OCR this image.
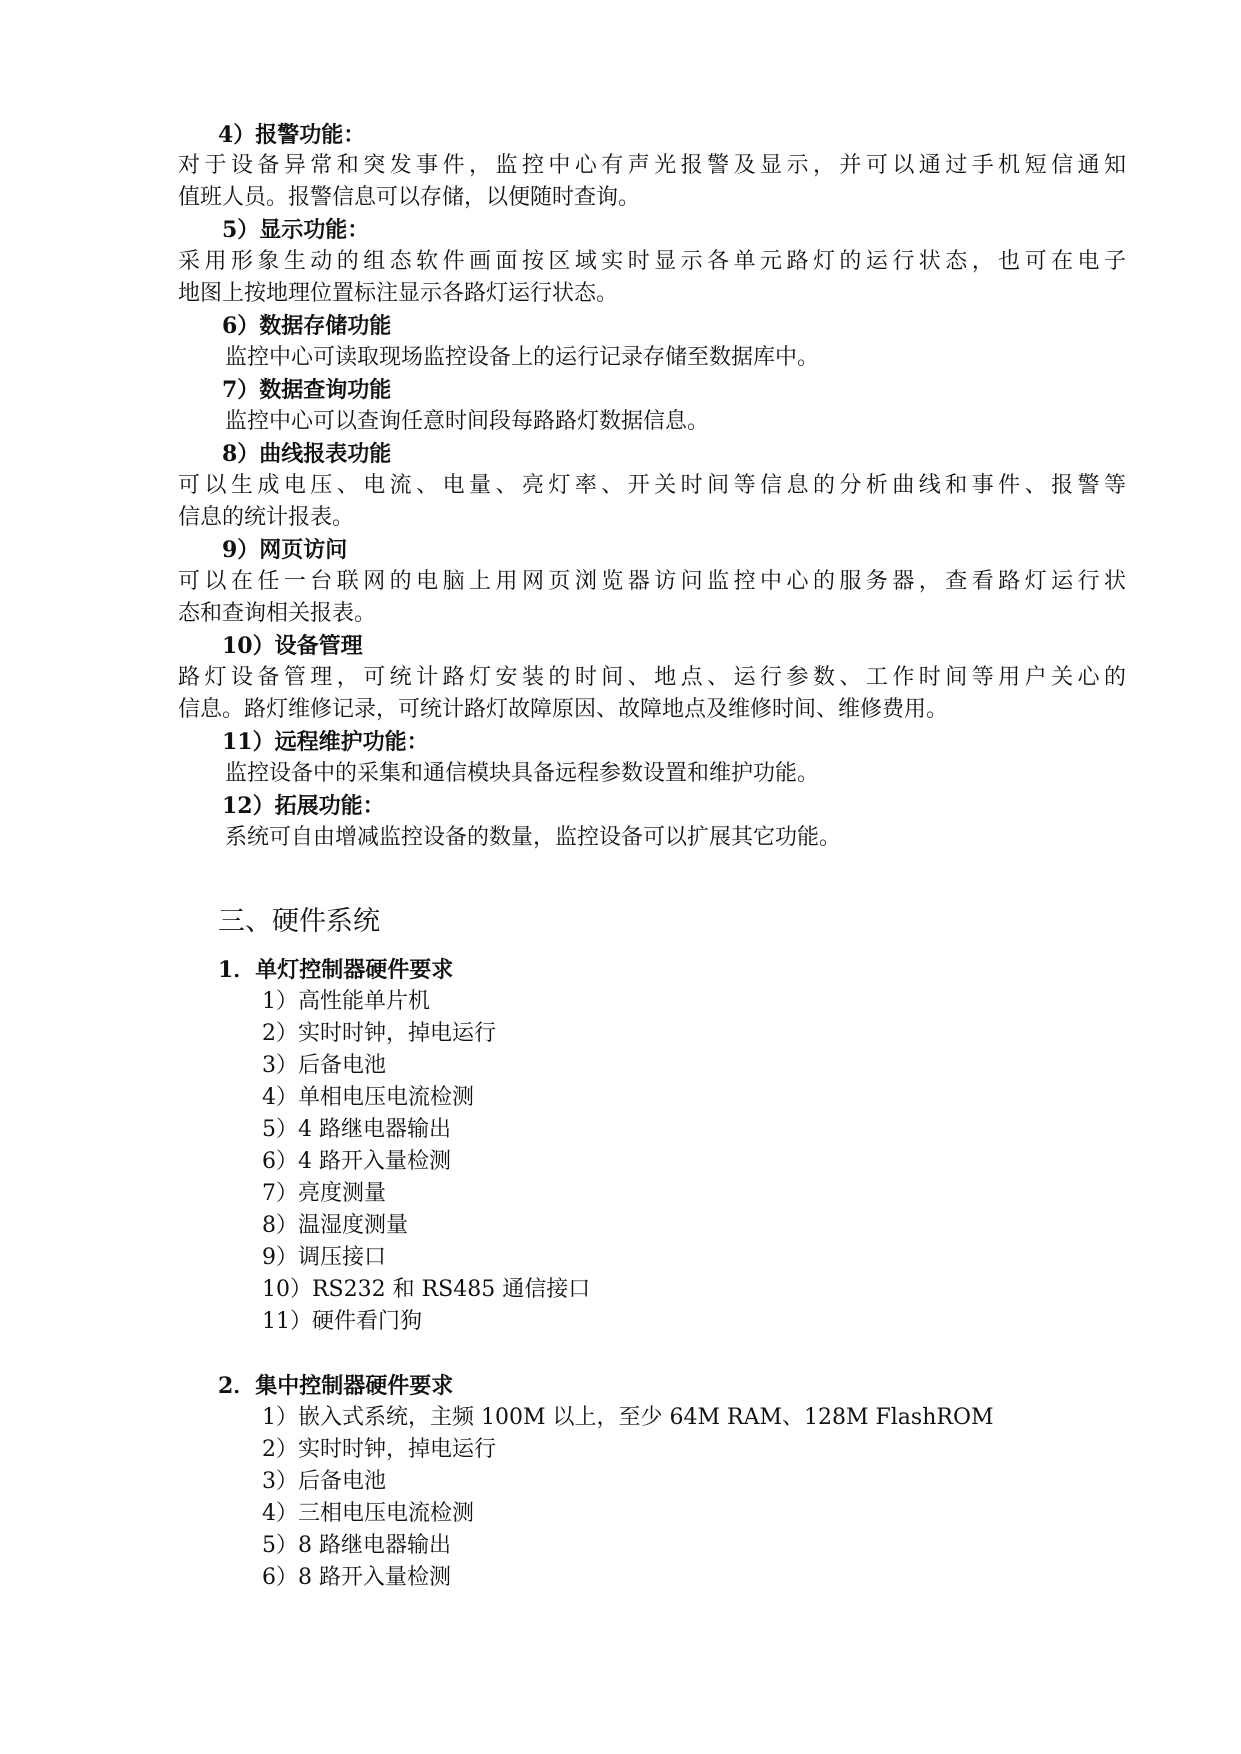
4）报警功能：
对于设备异常和突发事件，监控中心有声光报警及显示，并可以通过手机短信通知
值班人员。报警信息可以存储，以便随时查询。
5）显示功能：
采用形象生动的组态软件画面按区域实时显示各单元路灯的运行状态，也可在电子
地图上按地理位置标注显示各路灯运行状态。
6）数据存储功能
监控中心可读取现场监控设备上的运行记录存储至数据库中。
7）数据查询功能
监控中心可以查询任意时间段每路路灯数据信息。
8）曲线报表功能
可以生成电压、电流、电量、亮灯率、开关时间等信息的分析曲线和事件、报警等
信息的统计报表。
9）网页访问
可以在任一台联网的电脑上用网页浏览器访问监控中心的服务器，查看路灯运行状
态和查询相关报表。
10）设备管理
路灯设备管理，可统计路灯安装的时间、地点、运行参数、工作时间等用户关心的
信息。路灯维修记录，可统计路灯故障原因、故障地点及维修时间、维修费用。
11）远程维护功能：
监控设备中的采集和通信模块具备远程参数设置和维护功能。
12）拓展功能：
系统可自由增减监控设备的数量，监控设备可以扩展其它功能。
三、硬件系统
1．单灯控制器硬件要求
1）高性能单片机
2）实时时钟，掉电运行
3）后备电池
4）单相电压电流检测
5）4 路继电器输出
6）4 路开入量检测
7）亮度测量
8）温湿度测量
9）调压接口
10）RS232 和 RS485 通信接口
11）硬件看门狗
2．集中控制器硬件要求
1）嵌入式系统，主频 100M 以上，至少 64M RAM、128M FlashROM
2）实时时钟，掉电运行
3）后备电池
4）三相电压电流检测
5）8 路继电器输出
6）8 路开入量检测
